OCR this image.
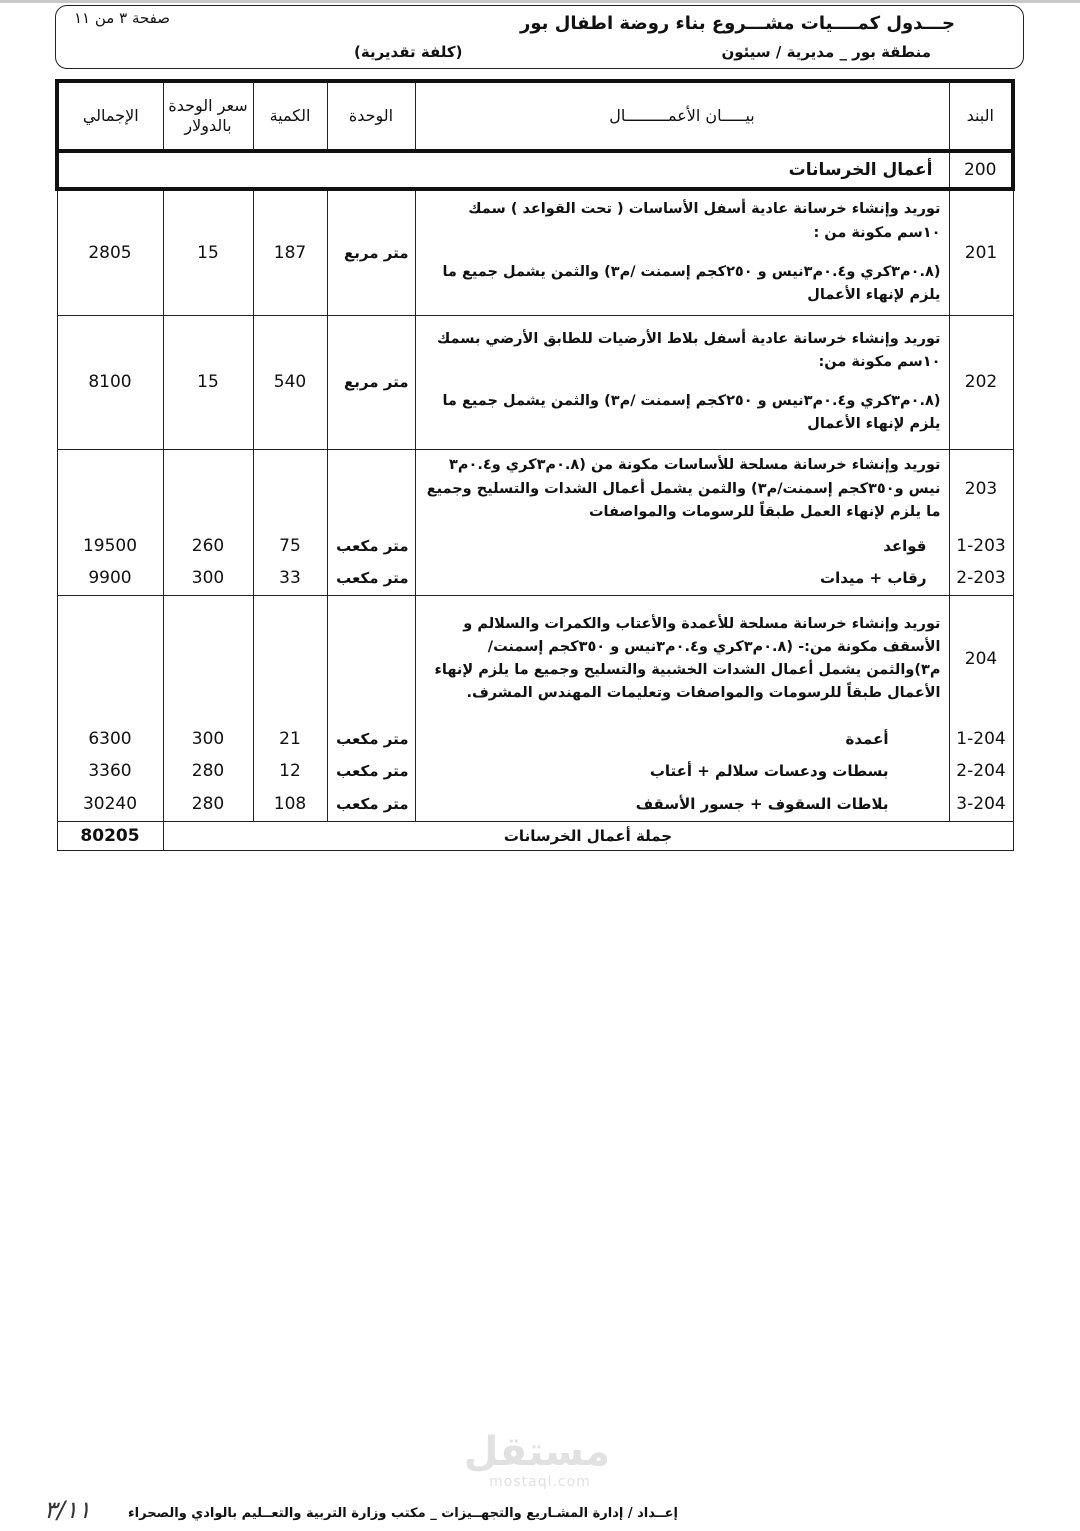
جـــدول كمــــيات مشـــروع بناء روضة اطفال بور
منطقة بور _ مديرية / سيئون
صفحة ٣ من ١١
(كلفة تقديرية)
البند	بيـــــان الأعمـــــــــال	الوحدة	الكمية	سعر الوحدة بالدولار	الإجمالي
200	أعمال الخرسانات				
201	توريد وإنشاء خرسانة عادية أسفل الأساسات ( تحت القواعد ) سمك ١٠سم مكونة من :

(٠.٨م٣كري و٠.٤م٣نيس و ٢٥٠كجم إسمنت /م٣) والثمن يشمل جميع ما يلزم لإنهاء الأعمال	متر مربع	187	15	2805
202	توريد وإنشاء خرسانة عادية أسفل بلاط الأرضيات للطابق الأرضي بسمك ١٠سم مكونة من:

(٠.٨م٣كري و٠.٤م٣نيس و ٢٥٠كجم إسمنت /م٣) والثمن يشمل جميع ما يلزم لإنهاء الأعمال	متر مربع	540	15	8100
203	توريد وإنشاء خرسانة مسلحة للأساسات مكونة من (٠.٨م٣كري و٠.٤م٣ نيس و٣٥٠كجم إسمنت/م٣) والثمن يشمل أعمال الشدات والتسليح وجميع ما يلزم لإنهاء العمل طبقاً للرسومات والمواصفات				
1-203	قواعد	متر مكعب	75	260	19500
2-203	رقاب + ميدات	متر مكعب	33	300	9900
204	توريد وإنشاء خرسانة مسلحة للأعمدة والأعتاب والكمرات والسلالم و الأسقف مكونة من:- (٠.٨م٣كري و٠.٤م٣نيس و ٣٥٠كجم إسمنت/م٣)والثمن يشمل أعمال الشدات الخشبية والتسليح وجميع ما يلزم لإنهاء الأعمال طبقاً للرسومات والمواصفات وتعليمات المهندس المشرف.				
1-204	أعمدة	متر مكعب	21	300	6300
2-204	بسطات ودعسات سلالم + أعتاب	متر مكعب	12	280	3360
3-204	بلاطات السقوف + جسور الأسقف	متر مكعب	108	280	30240
جملة أعمال الخرسانات					80205
مستقل
mostaql.com
إعــداد / إدارة المشـاريع والتجهــيزات _ مكتب وزارة التربية والتعــليم بالوادي والصحراء
٣/١١
